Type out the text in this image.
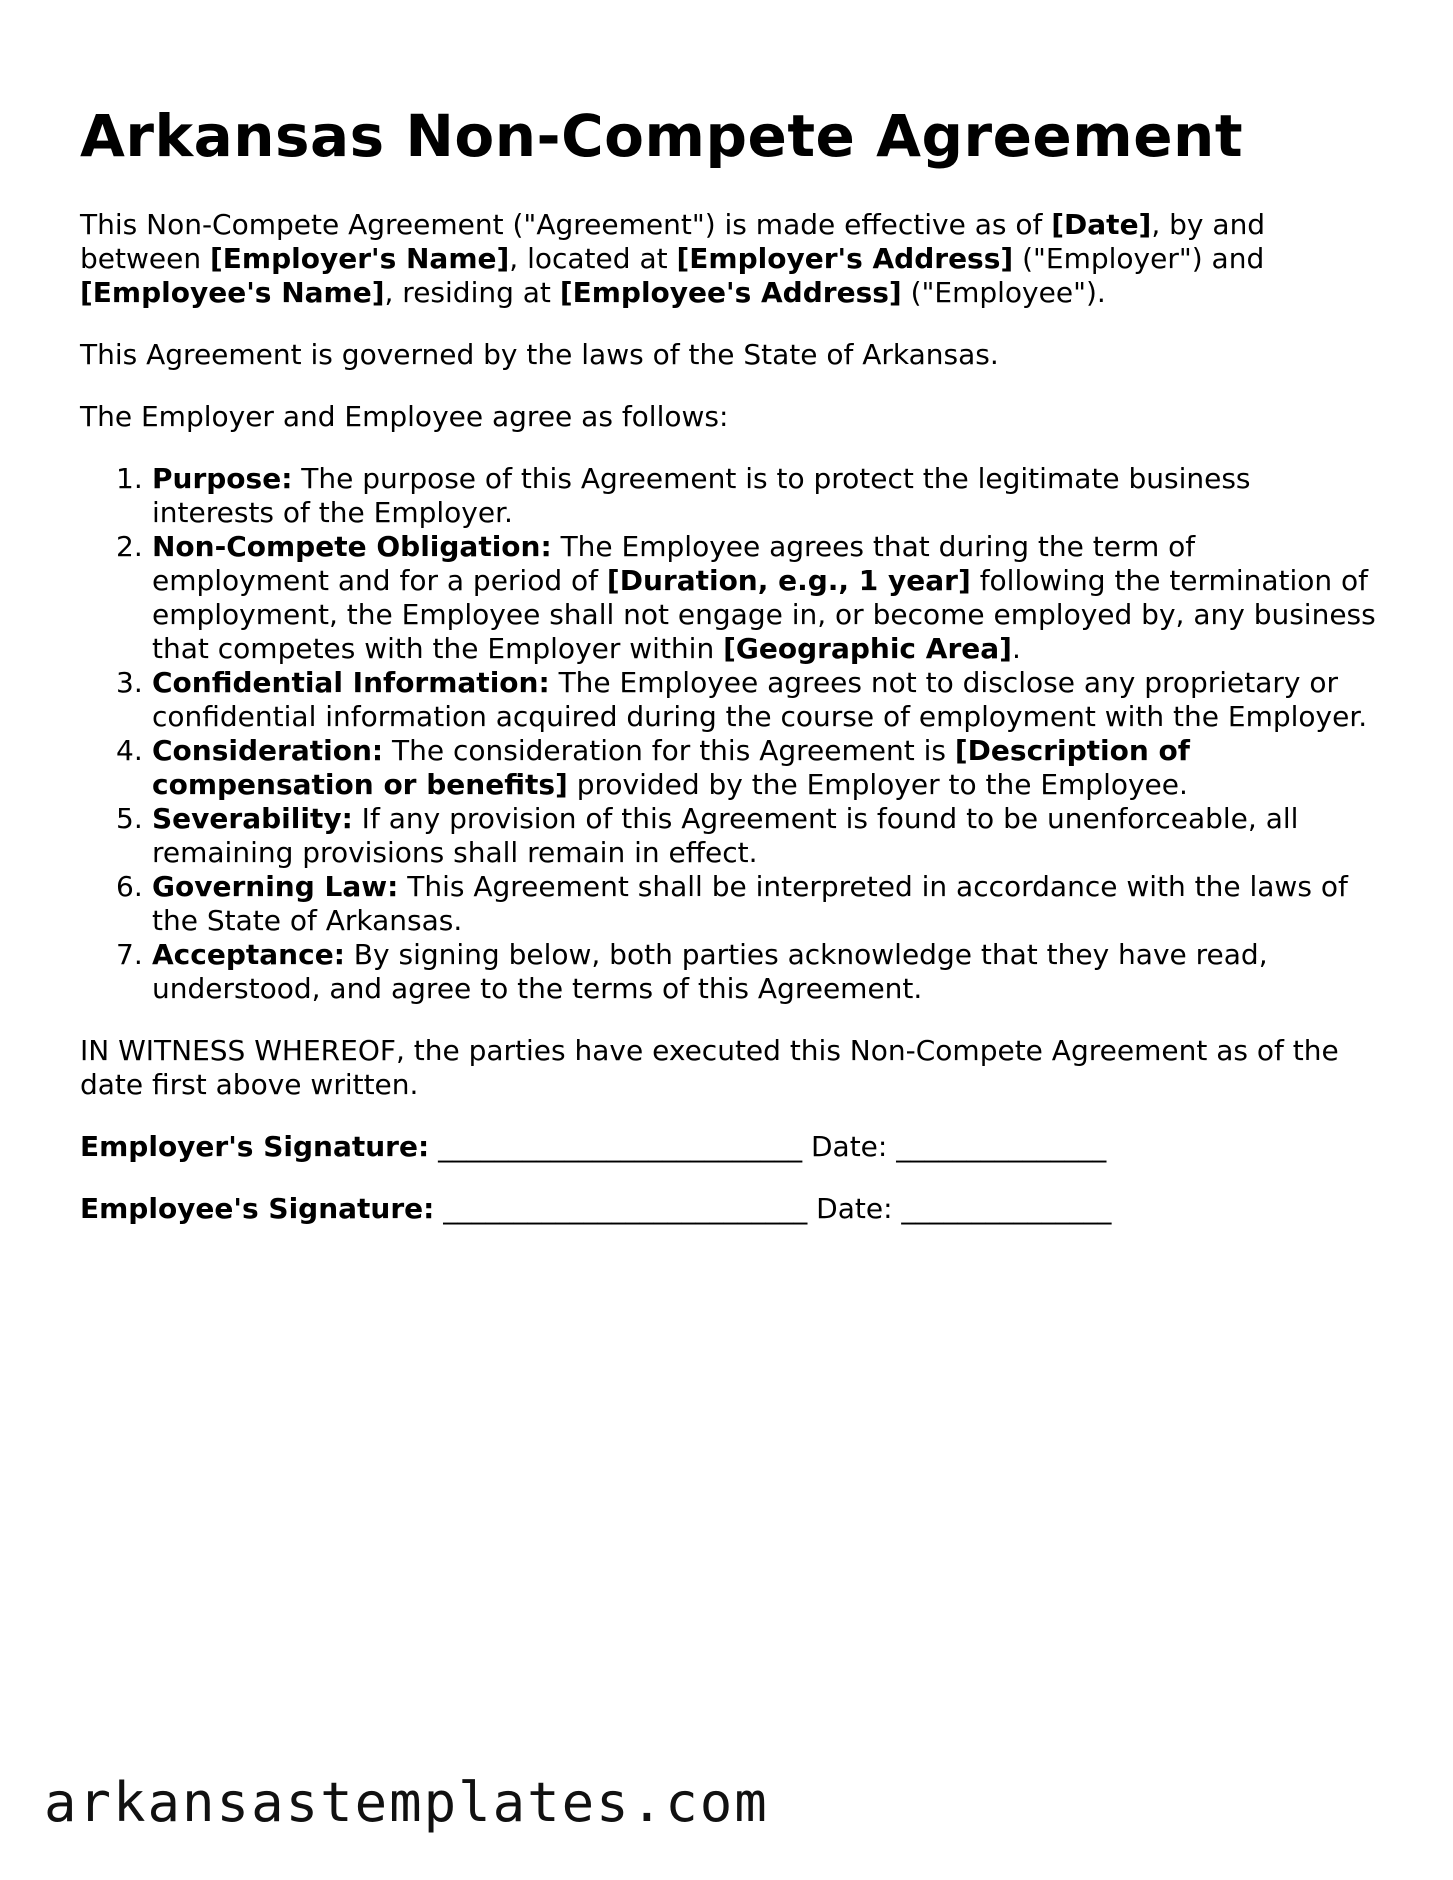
Arkansas Non-Compete Agreement

This Non-Compete Agreement ("Agreement") is made effective as of [Date], by and between [Employer's Name], located at [Employer's Address] ("Employer") and [Employee's Name], residing at [Employee's Address] ("Employee").

This Agreement is governed by the laws of the State of Arkansas.

The Employer and Employee agree as follows:

1. Purpose: The purpose of this Agreement is to protect the legitimate business interests of the Employer.
2. Non-Compete Obligation: The Employee agrees that during the term of employment and for a period of [Duration, e.g., 1 year] following the termination of employment, the Employee shall not engage in, or become employed by, any business that competes with the Employer within [Geographic Area].
3. Confidential Information: The Employee agrees not to disclose any proprietary or confidential information acquired during the course of employment with the Employer.
4. Consideration: The consideration for this Agreement is [Description of compensation or benefits] provided by the Employer to the Employee.
5. Severability: If any provision of this Agreement is found to be unenforceable, all remaining provisions shall remain in effect.
6. Governing Law: This Agreement shall be interpreted in accordance with the laws of the State of Arkansas.
7. Acceptance: By signing below, both parties acknowledge that they have read, understood, and agree to the terms of this Agreement.

IN WITNESS WHEREOF, the parties have executed this Non-Compete Agreement as of the date first above written.

Employer's Signature: __________________________ Date: _______________
Employee's Signature: __________________________ Date: _______________
arkansastemplates.com
